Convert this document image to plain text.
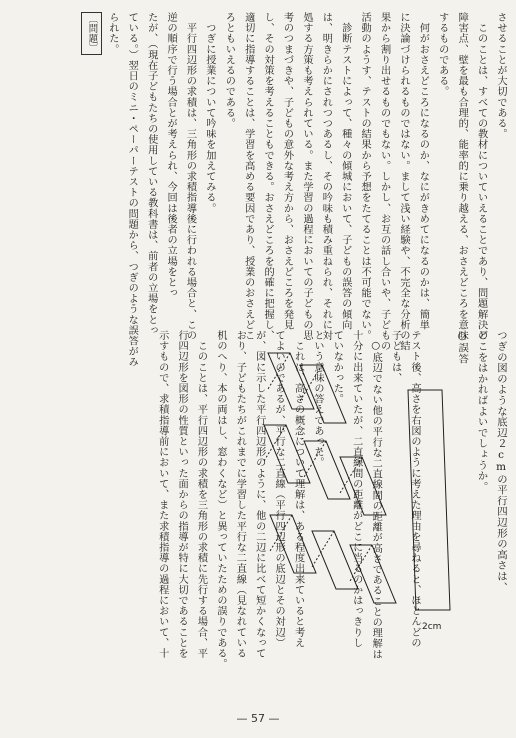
させることが大切である。

　このことは、すべての教材についていえることであり、問題解決の

障害点、壁を最も合理的、能率的に乗り越える、おさえどころを意味

するものである。

　何がおさえどころになるのか、なにがきめてになるのかは、簡単

に決論づけられるものではない。まして浅い経験や、不完全な分析の結

果から割り出せるものでもない。しかし、お互の話し合いや、子どもの

活動のようす、テストの結果から予想をたてることは不可能でない。

　診断テストによって、種々の傾城において、子どもの誤答の傾向

は、明きらかにされつつあるし、その吟味も積み重ねられ、それに対

処する方策も考えられている。また学習の過程においての子どもの思

考のつまづきや、子どもの意外な考え方から、おさえどころを発見

し、その対策を考えることもできる。おさえどころを的確に把握し、

適切に指導することは、学習を高める要因であり、授業のおさえどこ

ろともいえるのである。

　つぎに授業について吟味を加えてみる。

　平行四辺形の求積は、三角形の求積指導後に行われる場合と、この

逆の順序で行う場合とが考えられ、今回は後者の立場をとっ

たが、（現在子どもたちの使用している教科書は、前者の立場をとっ

ている。）翌日のミニ・ペーパーテストの問題から、つぎのような誤答がみ

られた。

〔問題〕

つぎの図のような底辺２cmの平行四辺形の高さは、

どこをはかればよいでしょうか。

○誤答

2cm

テスト後、高さを右図のように考えた理由を尋ねると、ほとんどの

子どもは、

　○底辺でない他の平行な二直線間の距離が高さであることの理解は

十分に出来ていたが、二直線間の距離がどこに当るのかはっきりし

ていなかった。

という意味の答えであった。

　これは、高さの概念について理解は、ある程度出来ていると考え

てよいのであるが、平行な二直線（平行四辺形の底辺とその対辺）

が、図に示した平行四辺形のように、他の二辺に比べて短かくなって

おり、子どもたちがこれまでに学習した平行な二直線（見なれている

机のへり、本の両はし、窓わくなど）と異っていたための誤りである。

　このことは、平行四辺形の求積を三角形の求積に先行する場合、平

行四辺形を図形の性質といった面からの指導が特に大切であることを

示すもので、求積指導前において、また求積指導の過程において、十

— 57 —
